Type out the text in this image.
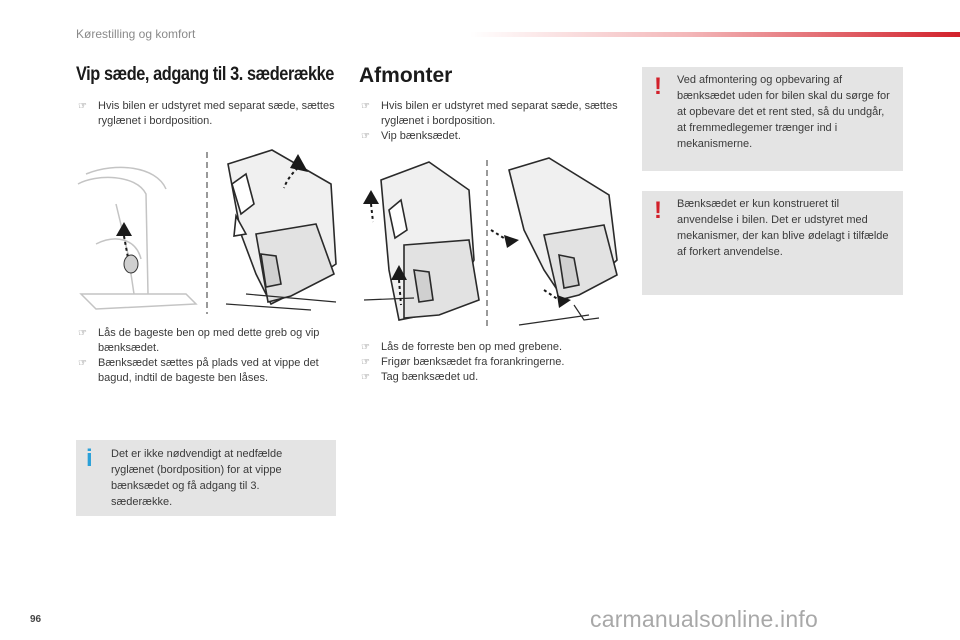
Kørestilling og komfort
Vip sæde, adgang til 3. sæderække
☞ Hvis bilen er udstyret med separat sæde, sættes ryglænet i bordposition.
☞ Lås de bageste ben op med dette greb og vip bænksædet.
☞ Bænksædet sættes på plads ved at vippe det bagud, indtil de bageste ben låses.
i Det er ikke nødvendigt at nedfælde ryglænet (bordposition) for at vippe bænksædet og få adgang til 3. sæderække.

Afmonter
☞ Hvis bilen er udstyret med separat sæde, sættes ryglænet i bordposition.
☞ Vip bænksædet.
☞ Lås de forreste ben op med grebene.
☞ Frigør bænksædet fra forankringerne.
☞ Tag bænksædet ud.
! Ved afmontering og opbevaring af bænksædet uden for bilen skal du sørge for at opbevare det et rent sted, så du undgår, at fremmedlegemer trænger ind i mekanismerne.

! Bænksædet er kun konstrueret til anvendelse i bilen. Det er udstyret med mekanismer, der kan blive ødelagt i tilfælde af forkert anvendelse.

96	carmanualsonline.info
